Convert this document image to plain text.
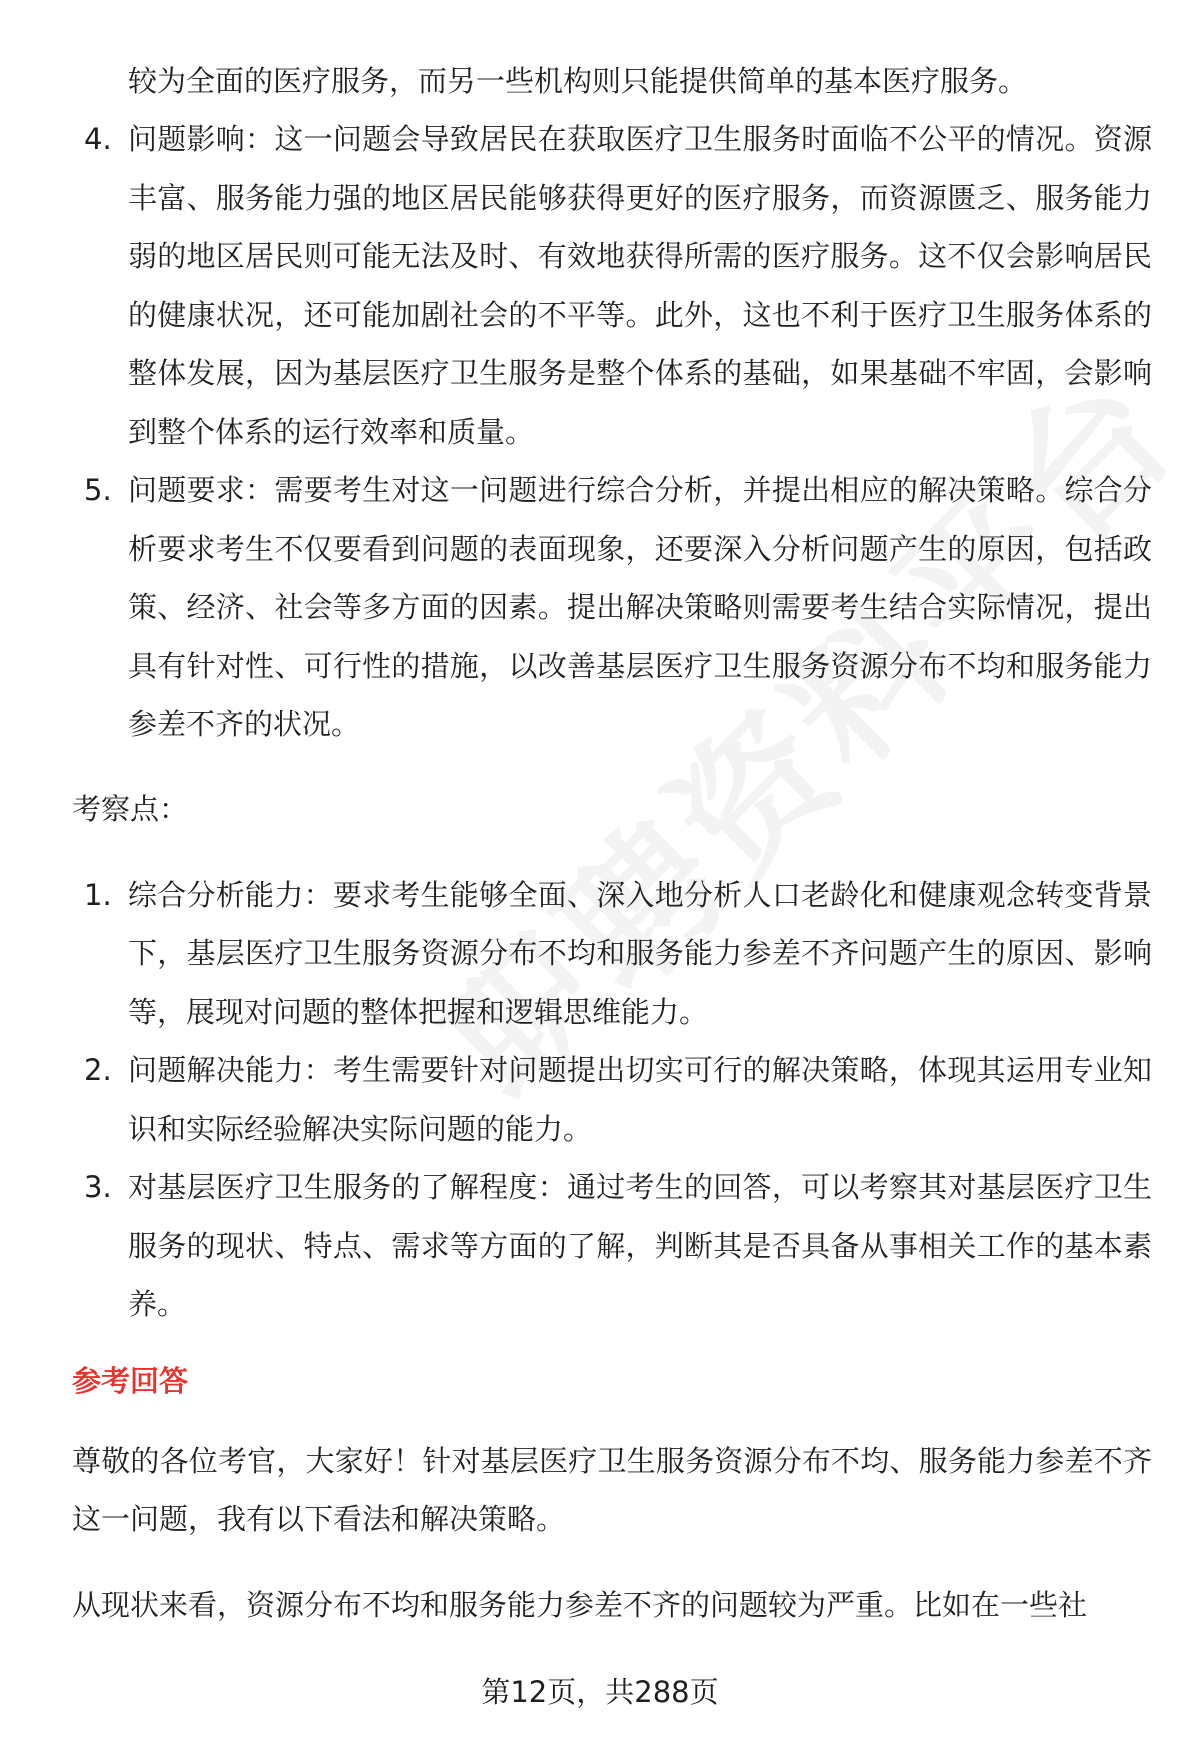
较为全面的医疗服务，而另一些机构则只能提供简单的基本医疗服务。

4. 问题影响：这一问题会导致居民在获取医疗卫生服务时面临不公平的情况。资源丰富、服务能力强的地区居民能够获得更好的医疗服务，而资源匮乏、服务能力弱的地区居民则可能无法及时、有效地获得所需的医疗服务。这不仅会影响居民的健康状况，还可能加剧社会的不平等。此外，这也不利于医疗卫生服务体系的整体发展，因为基层医疗卫生服务是整个体系的基础，如果基础不牢固，会影响到整个体系的运行效率和质量。
5. 问题要求：需要考生对这一问题进行综合分析，并提出相应的解决策略。综合分析要求考生不仅要看到问题的表面现象，还要深入分析问题产生的原因，包括政策、经济、社会等多方面的因素。提出解决策略则需要考生结合实际情况，提出具有针对性、可行性的措施，以改善基层医疗卫生服务资源分布不均和服务能力参差不齐的状况。
考察点：
1. 综合分析能力：要求考生能够全面、深入地分析人口老龄化和健康观念转变背景下，基层医疗卫生服务资源分布不均和服务能力参差不齐问题产生的原因、影响等，展现对问题的整体把握和逻辑思维能力。
2. 问题解决能力：考生需要针对问题提出切实可行的解决策略，体现其运用专业知识和实际经验解决实际问题的能力。
3. 对基层医疗卫生服务的了解程度：通过考生的回答，可以考察其对基层医疗卫生服务的现状、特点、需求等方面的了解，判断其是否具备从事相关工作的基本素养。
参考回答

尊敬的各位考官，大家好！针对基层医疗卫生服务资源分布不均、服务能力参差不齐这一问题，我有以下看法和解决策略。

从现状来看，资源分布不均和服务能力参差不齐的问题较为严重。比如在一些社

第12页，共288页
